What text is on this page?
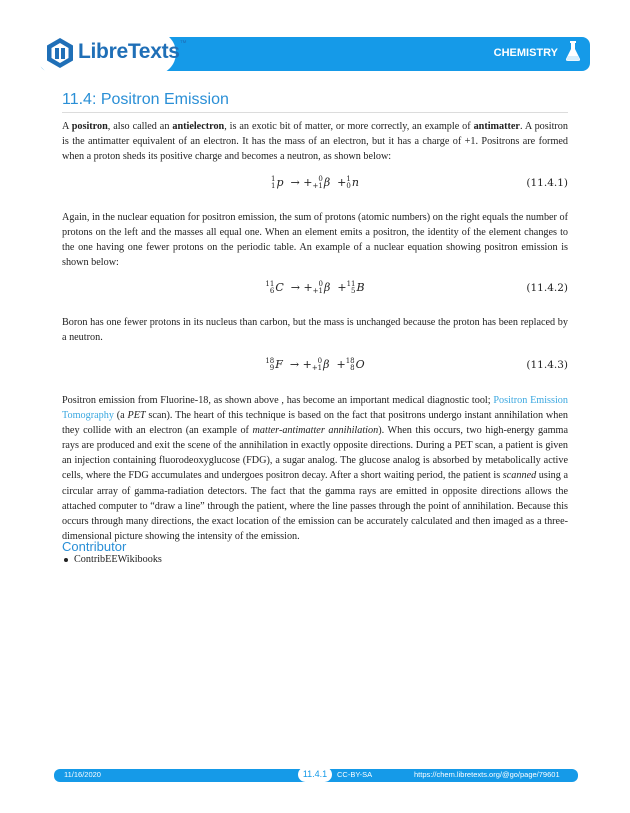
LibreTexts™
CHEMISTRY
11.4: Positron Emission

A positron, also called an antielectron, is an exotic bit of matter, or more correctly, an example of antimatter. A positron is the antimatter equivalent of an electron. It has the mass of an electron, but it has a charge of +1. Positrons are formed when a proton sheds its positive charge and becomes a neutron, as shown below:

1
1 p  → + 0
+1 β  + 1
0 n	(11.4.1)

Again, in the nuclear equation for positron emission, the sum of protons (atomic numbers) on the right equals the number of protons on the left and the masses all equal one. When an element emits a positron, the identity of the element changes to the one having one fewer protons on the periodic table. An example of a nuclear equation showing positron emission is shown below:

11
6 C  → + 0
+1 β  + 11
5 B	(11.4.2)

Boron has one fewer protons in its nucleus than carbon, but the mass is unchanged because the proton has been replaced by a neutron.

18
9 F  → + 0
+1 β  + 18
8 O	(11.4.3)

Positron emission from Fluorine-18, as shown above , has become an important medical diagnostic tool; Positron Emission Tomography (a PET scan). The heart of this technique is based on the fact that positrons undergo instant annihilation when they collide with an electron (an example of matter-antimatter annihilation). When this occurs, two high-energy gamma rays are produced and exit the scene of the annihilation in exactly opposite directions. During a PET scan, a patient is given an injection containing fluorodeoxyglucose (FDG), a sugar analog. The glucose analog is absorbed by metabolically active cells, where the FDG accumulates and undergoes positron decay. After a short waiting period, the patient is scanned using a circular array of gamma-radiation detectors. The fact that the gamma rays are emitted in opposite directions allows the attached computer to “draw a line” through the patient, where the line passes through the point of annihilation. Because this occurs through many directions, the exact location of the emission can be accurately calculated and then imaged as a three-dimensional picture showing the intensity of the emission.

Contributor
ContribEEWikibooks
11/16/2020	11.4.1	CC-BY-SA	https://chem.libretexts.org/@go/page/79601
